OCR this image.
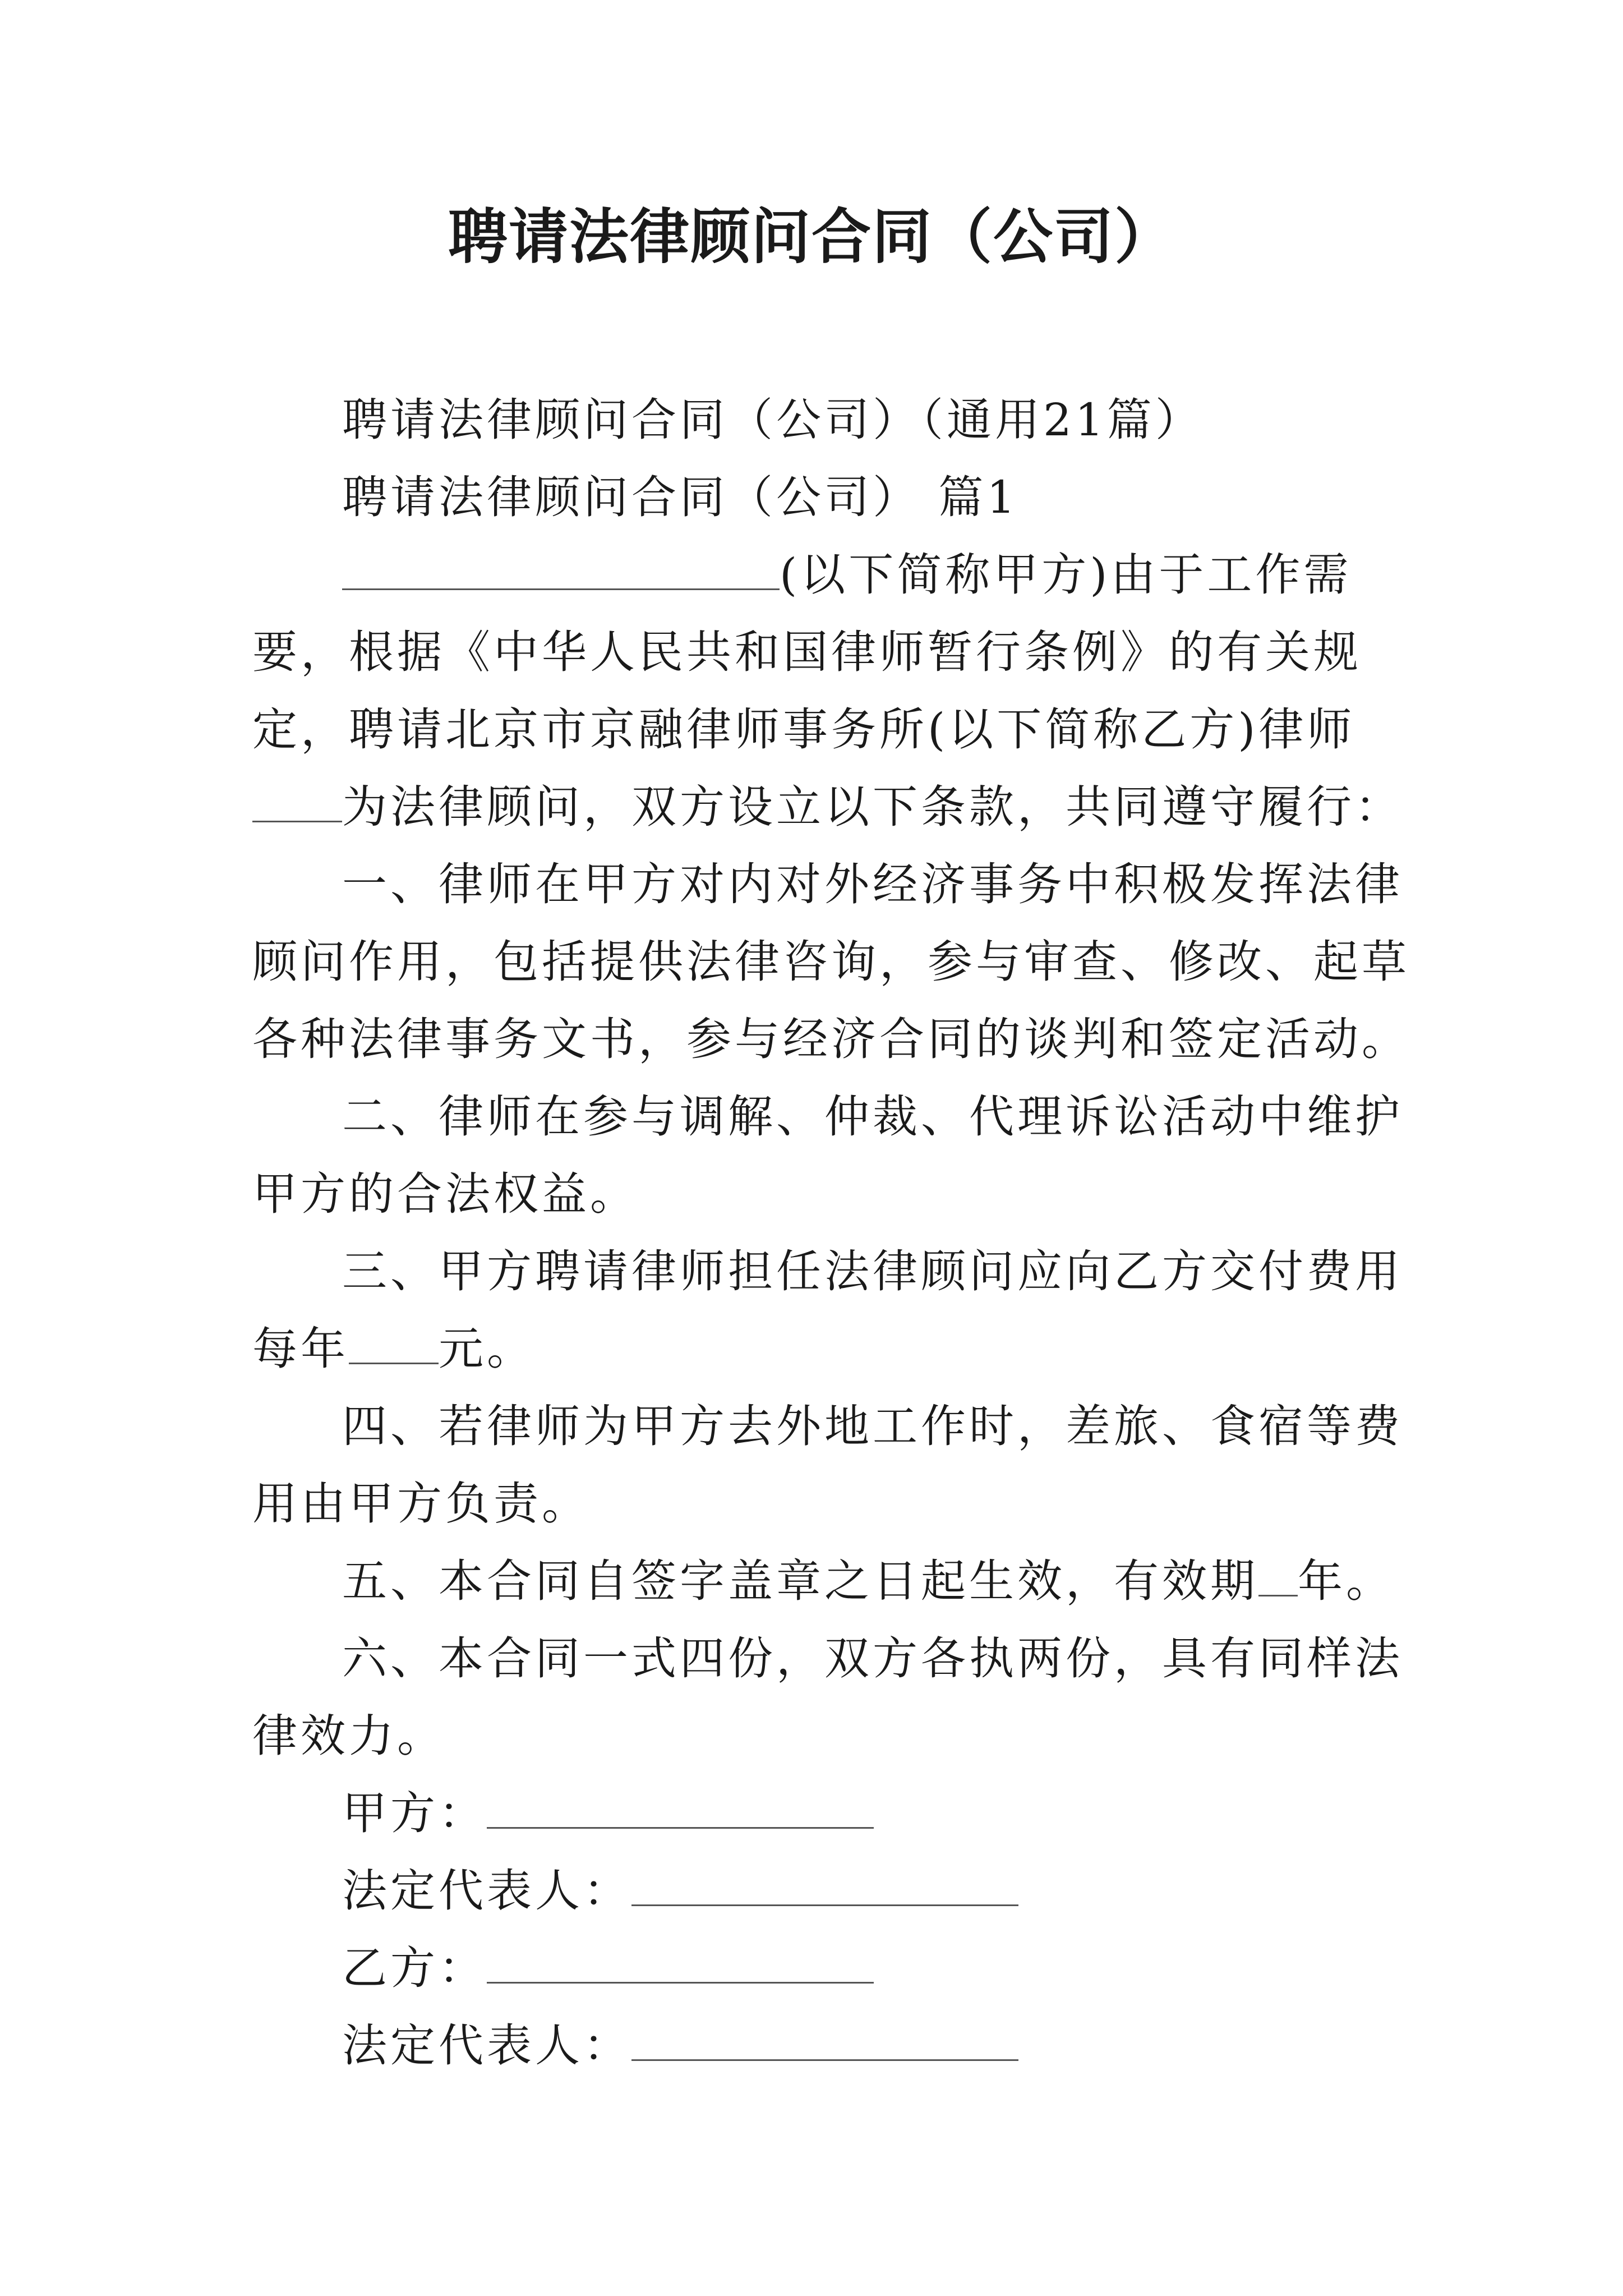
聘请法律顾问合同（公司）

聘请法律顾问合同（公司）（通用21篇）

聘请法律顾问合同（公司） 篇1

(以下简称甲方)由于工作需要，根据《中华人民共和国律师暂行条例》的有关规定，聘请北京市京融律师事务所(以下简称乙方)律师为法律顾问，双方设立以下条款，共同遵守履行：

一、律师在甲方对内对外经济事务中积极发挥法律顾问作用，包括提供法律咨询，参与审查、修改、起草各种法律事务文书，参与经济合同的谈判和签定活动。

二、律师在参与调解、仲裁、代理诉讼活动中维护甲方的合法权益。

三、甲方聘请律师担任法律顾问应向乙方交付费用每年 元。

四、若律师为甲方去外地工作时，差旅、食宿等费用由甲方负责。

五、本合同自签字盖章之日起生效，有效期 年。

六、本合同一式四份，双方各执两份，具有同样法律效力。

甲方：

法定代表人：

乙方：

法定代表人：
